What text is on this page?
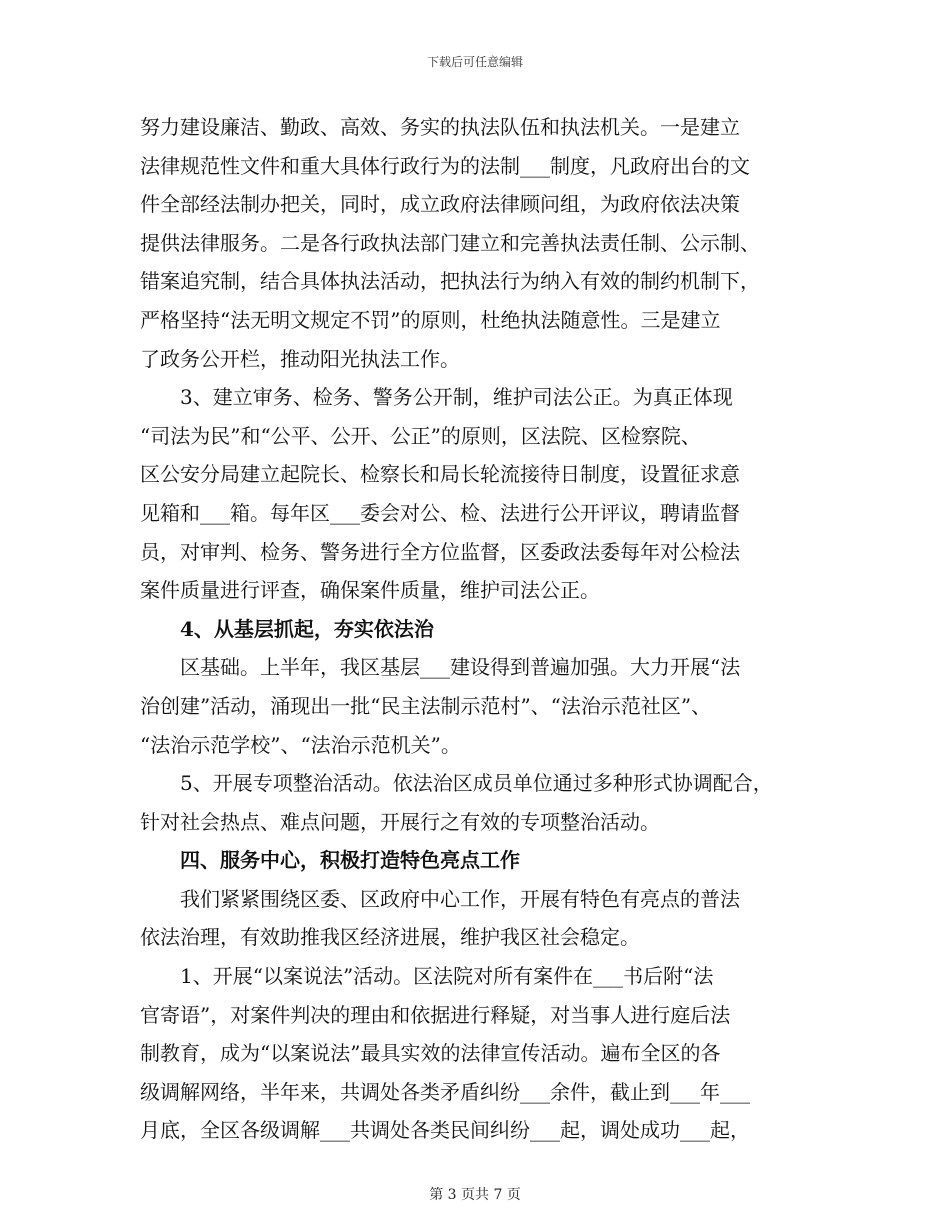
下载后可任意编辑
努力建设廉洁、勤政、高效、务实的执法队伍和执法机关。一是建立
法律规范性文件和重大具体行政行为的法制___制度，凡政府出台的文
件全部经法制办把关，同时，成立政府法律顾问组，为政府依法决策
提供法律服务。二是各行政执法部门建立和完善执法责任制、公示制、
错案追究制，结合具体执法活动，把执法行为纳入有效的制约机制下，
严格坚持“法无明文规定不罚”的原则，杜绝执法随意性。三是建立
了政务公开栏，推动阳光执法工作。
3、建立审务、检务、警务公开制，维护司法公正。为真正体现
“司法为民”和“公平、公开、公正”的原则，区法院、区检察院、
区公安分局建立起院长、检察长和局长轮流接待日制度，设置征求意
见箱和___箱。每年区___委会对公、检、法进行公开评议，聘请监督
员，对审判、检务、警务进行全方位监督，区委政法委每年对公检法
案件质量进行评查，确保案件质量，维护司法公正。
4、从基层抓起，夯实依法治
区基础。上半年，我区基层___建设得到普遍加强。大力开展“法
治创建”活动，涌现出一批“民主法制示范村”、“法治示范社区”、
“法治示范学校”、“法治示范机关”。
5、开展专项整治活动。依法治区成员单位通过多种形式协调配合，
针对社会热点、难点问题，开展行之有效的专项整治活动。
四、服务中心，积极打造特色亮点工作
我们紧紧围绕区委、区政府中心工作，开展有特色有亮点的普法
依法治理，有效助推我区经济进展，维护我区社会稳定。
1、开展“以案说法”活动。区法院对所有案件在___书后附“法
官寄语”，对案件判决的理由和依据进行释疑，对当事人进行庭后法
制教育，成为“以案说法”最具实效的法律宣传活动。遍布全区的各
级调解网络，半年来，共调处各类矛盾纠纷___余件，截止到___年___
月底，全区各级调解___共调处各类民间纠纷___起，调处成功___起，
第 3 页共 7 页
